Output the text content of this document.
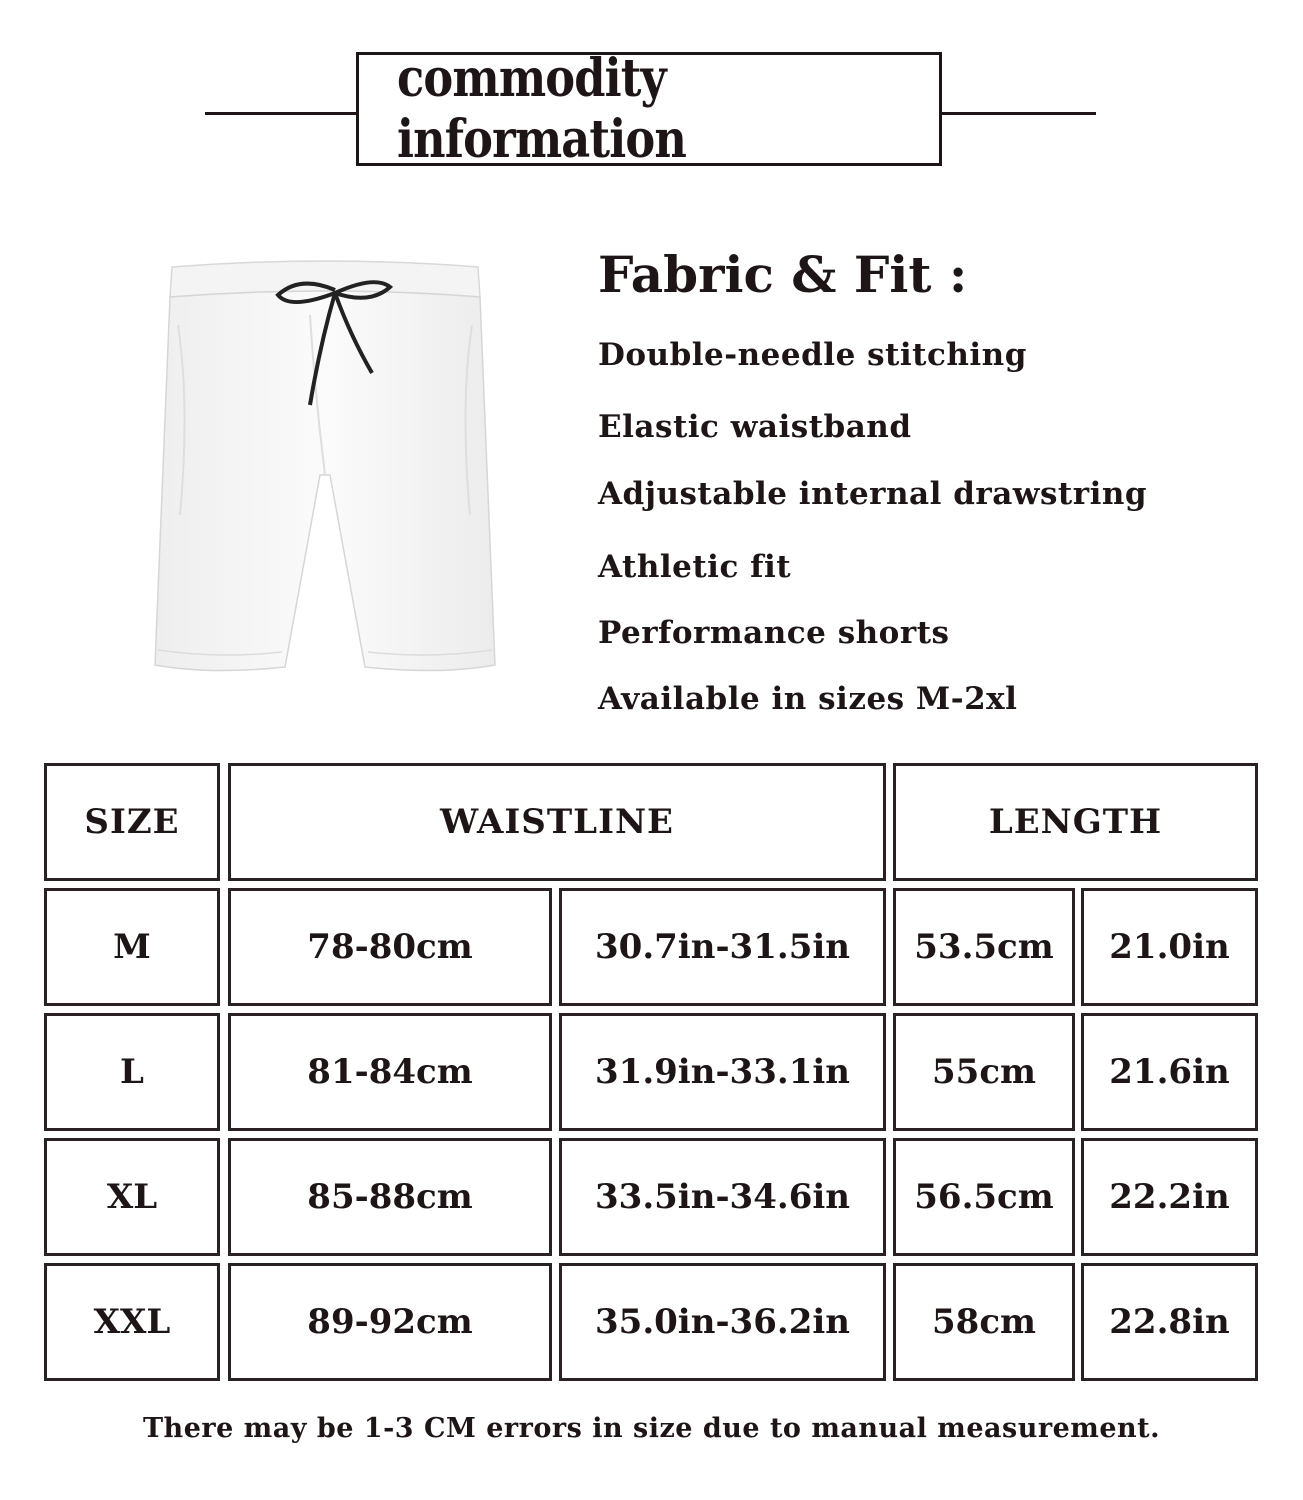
commodity information
Fabric & Fit :
Double-needle stitching
Elastic waistband
Adjustable internal drawstring
Athletic fit
Performance shorts
Available in sizes M-2xl
SIZE	WAISTLINE	LENGTH
M	78-80cm	30.7in-31.5in	53.5cm	21.0in
L	81-84cm	31.9in-33.1in	55cm	21.6in
XL	85-88cm	33.5in-34.6in	56.5cm	22.2in
XXL	89-92cm	35.0in-36.2in	58cm	22.8in
There may be 1-3 CM errors in size due to manual measurement.
